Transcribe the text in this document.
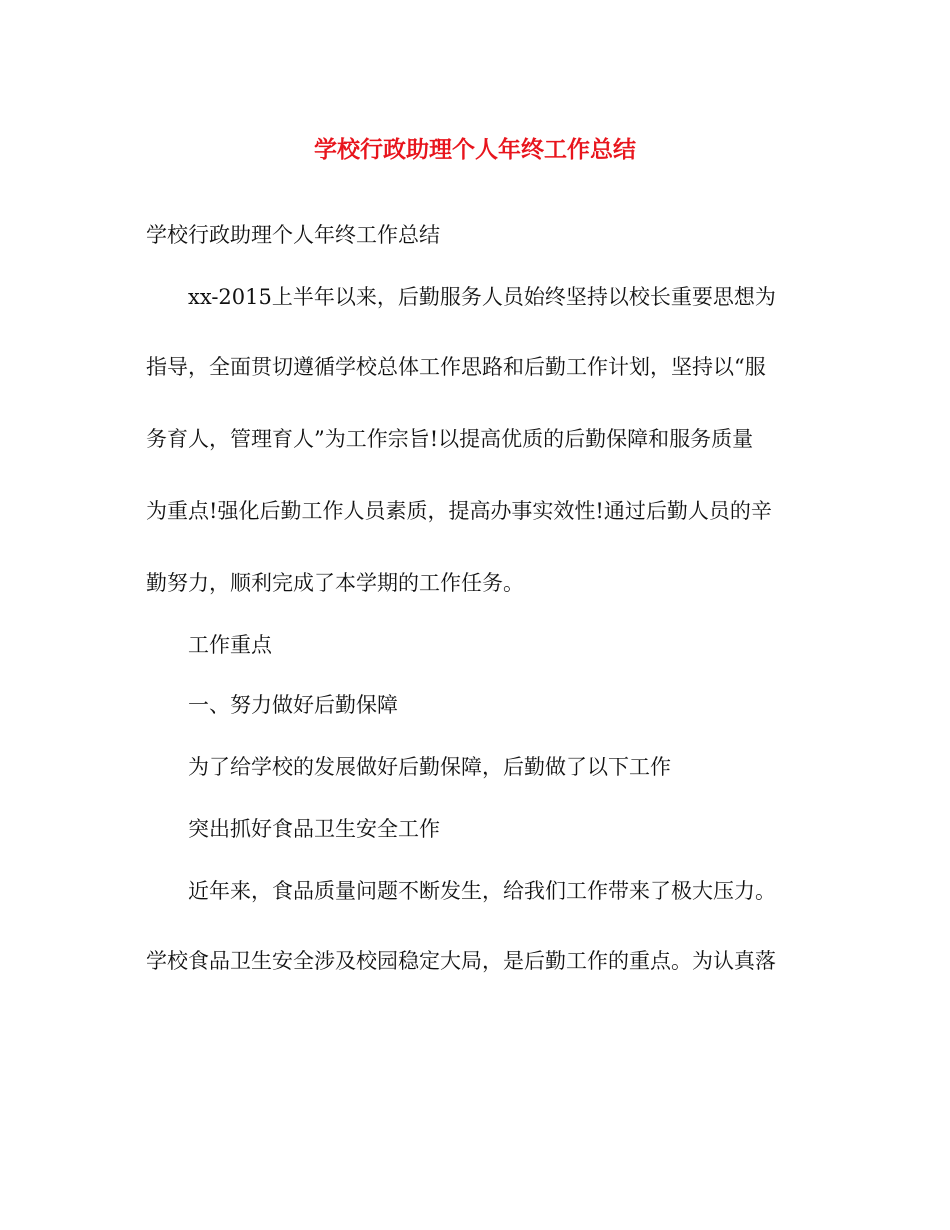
学校行政助理个人年终工作总结
学校行政助理个人年终工作总结
xx-2015上半年以来，后勤服务人员始终坚持以校长重要思想为
指导，全面贯切遵循学校总体工作思路和后勤工作计划，坚持以“服
务育人，管理育人”为工作宗旨!以提高优质的后勤保障和服务质量
为重点!强化后勤工作人员素质，提高办事实效性!通过后勤人员的辛
勤努力，顺利完成了本学期的工作任务。
工作重点
一、努力做好后勤保障
为了给学校的发展做好后勤保障，后勤做了以下工作
突出抓好食品卫生安全工作
近年来，食品质量问题不断发生，给我们工作带来了极大压力。
学校食品卫生安全涉及校园稳定大局，是后勤工作的重点。为认真落
